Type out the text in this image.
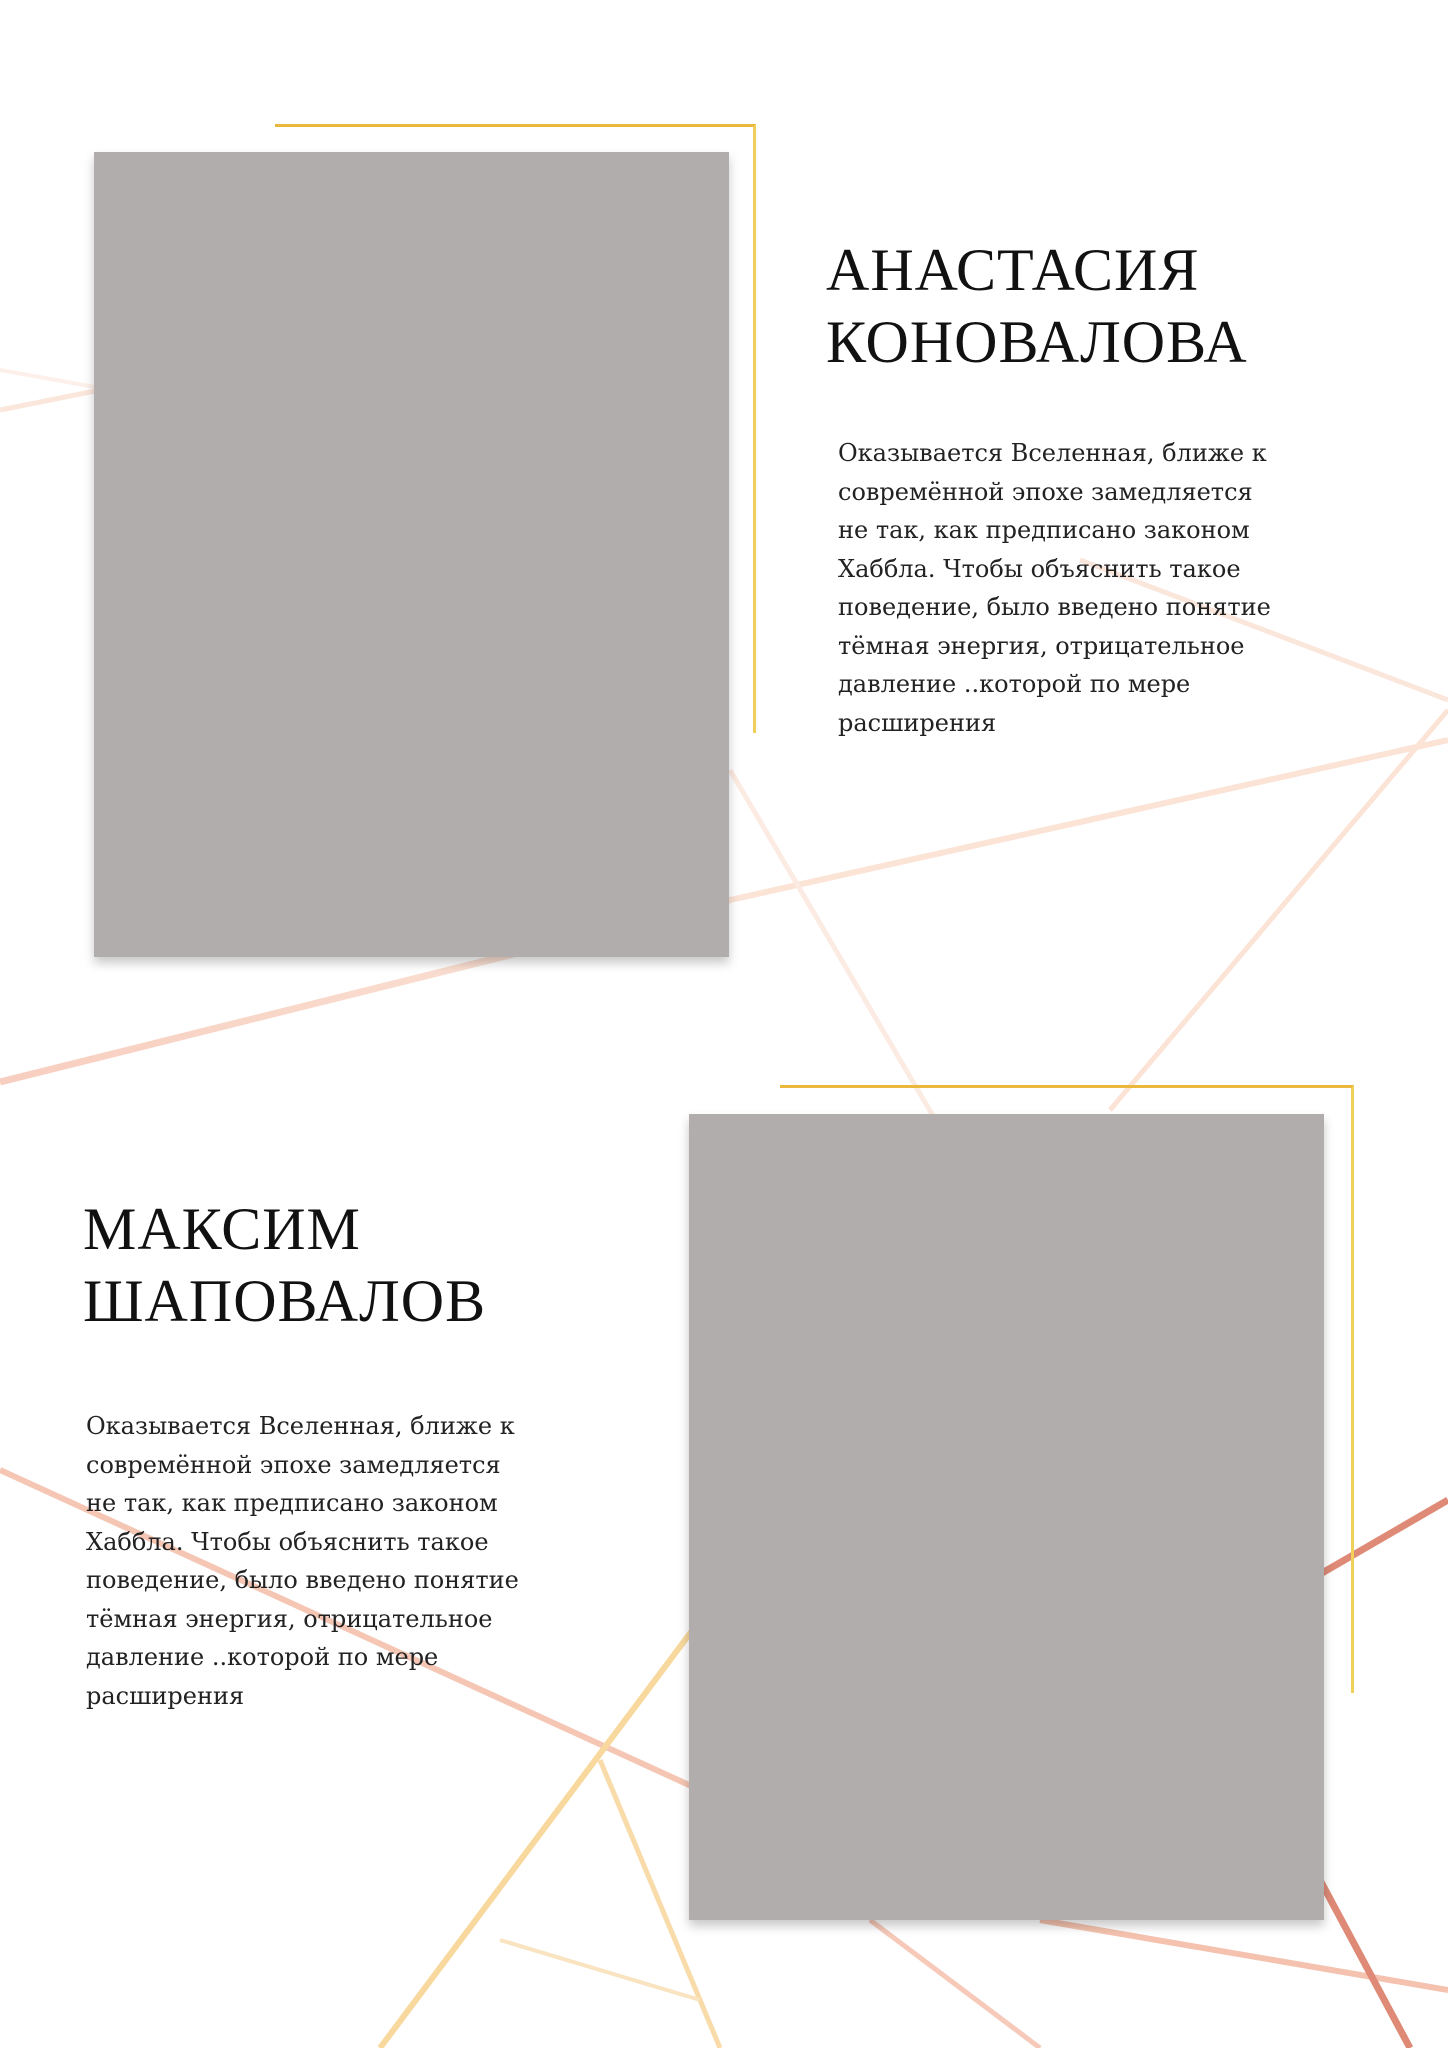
АНАСТАСИЯ
КОНОВАЛОВА

Оказывается Вселенная, ближе к
совремённой эпохе замедляется
не так, как предписано законом
Хаббла. Чтобы объяснить такое
поведение, было введено понятие
тёмная энергия, отрицательное
давление ..которой по мере
расширения

МАКСИМ
ШАПОВАЛОВ

Оказывается Вселенная, ближе к
совремённой эпохе замедляется
не так, как предписано законом
Хаббла. Чтобы объяснить такое
поведение, было введено понятие
тёмная энергия, отрицательное
давление ..которой по мере
расширения
